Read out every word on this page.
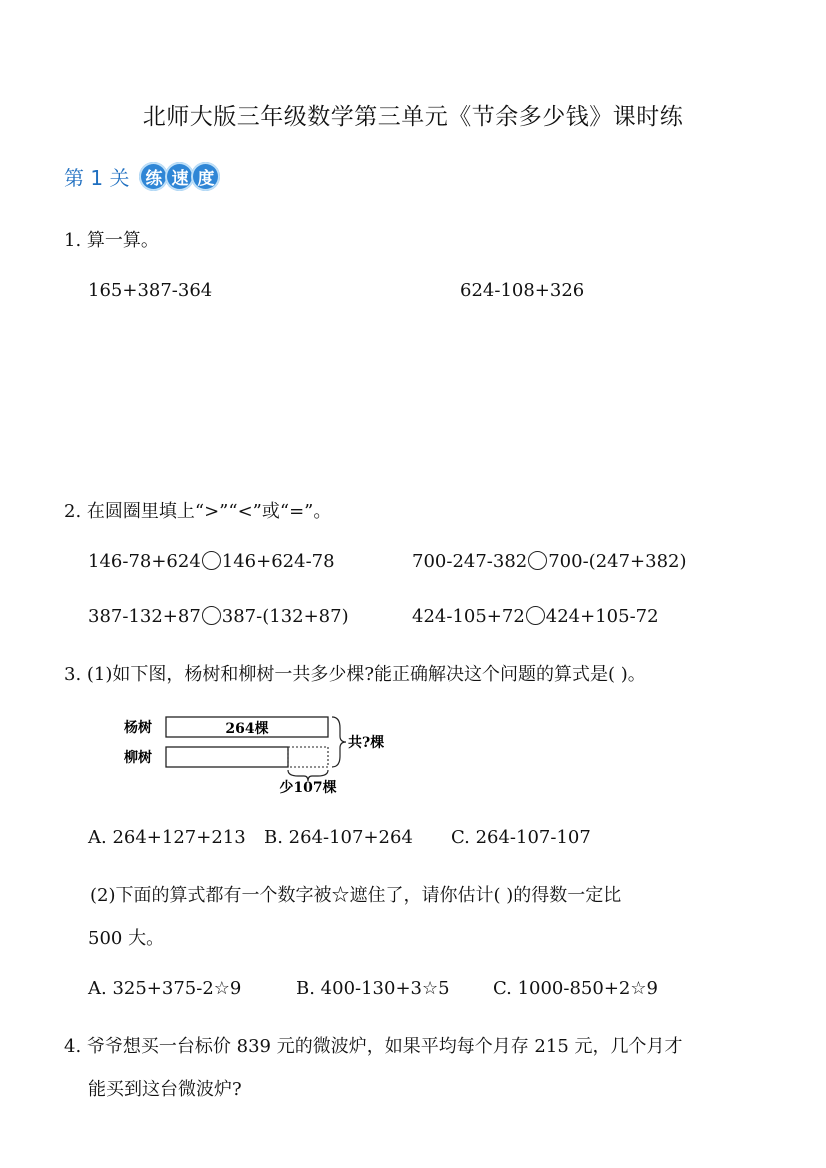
北师大版三年级数学第三单元《节余多少钱》课时练
第 1 关 练 速 度
1. 算一算。
165+387-364	624-108+326
2. 在圆圈里填上“>”“<”或“=”。
146-78+624 146+624-78	700-247-382 700-(247+382)
387-132+87 387-(132+87)	424-105+72 424+105-72
3. (1)如下图，杨树和柳树一共多少棵?能正确解决这个问题的算式是( )。
杨树
柳树
264棵
共?棵
少107棵
A. 264+127+213 B. 264-107+264 C. 264-107-107
(2)下面的算式都有一个数字被☆遮住了，请你估计( )的得数一定比
500 大。
A. 325+375-2☆9	B. 400-130+3☆5 C. 1000-850+2☆9
4. 爷爷想买一台标价 839 元的微波炉，如果平均每个月存 215 元，几个月才
能买到这台微波炉?
